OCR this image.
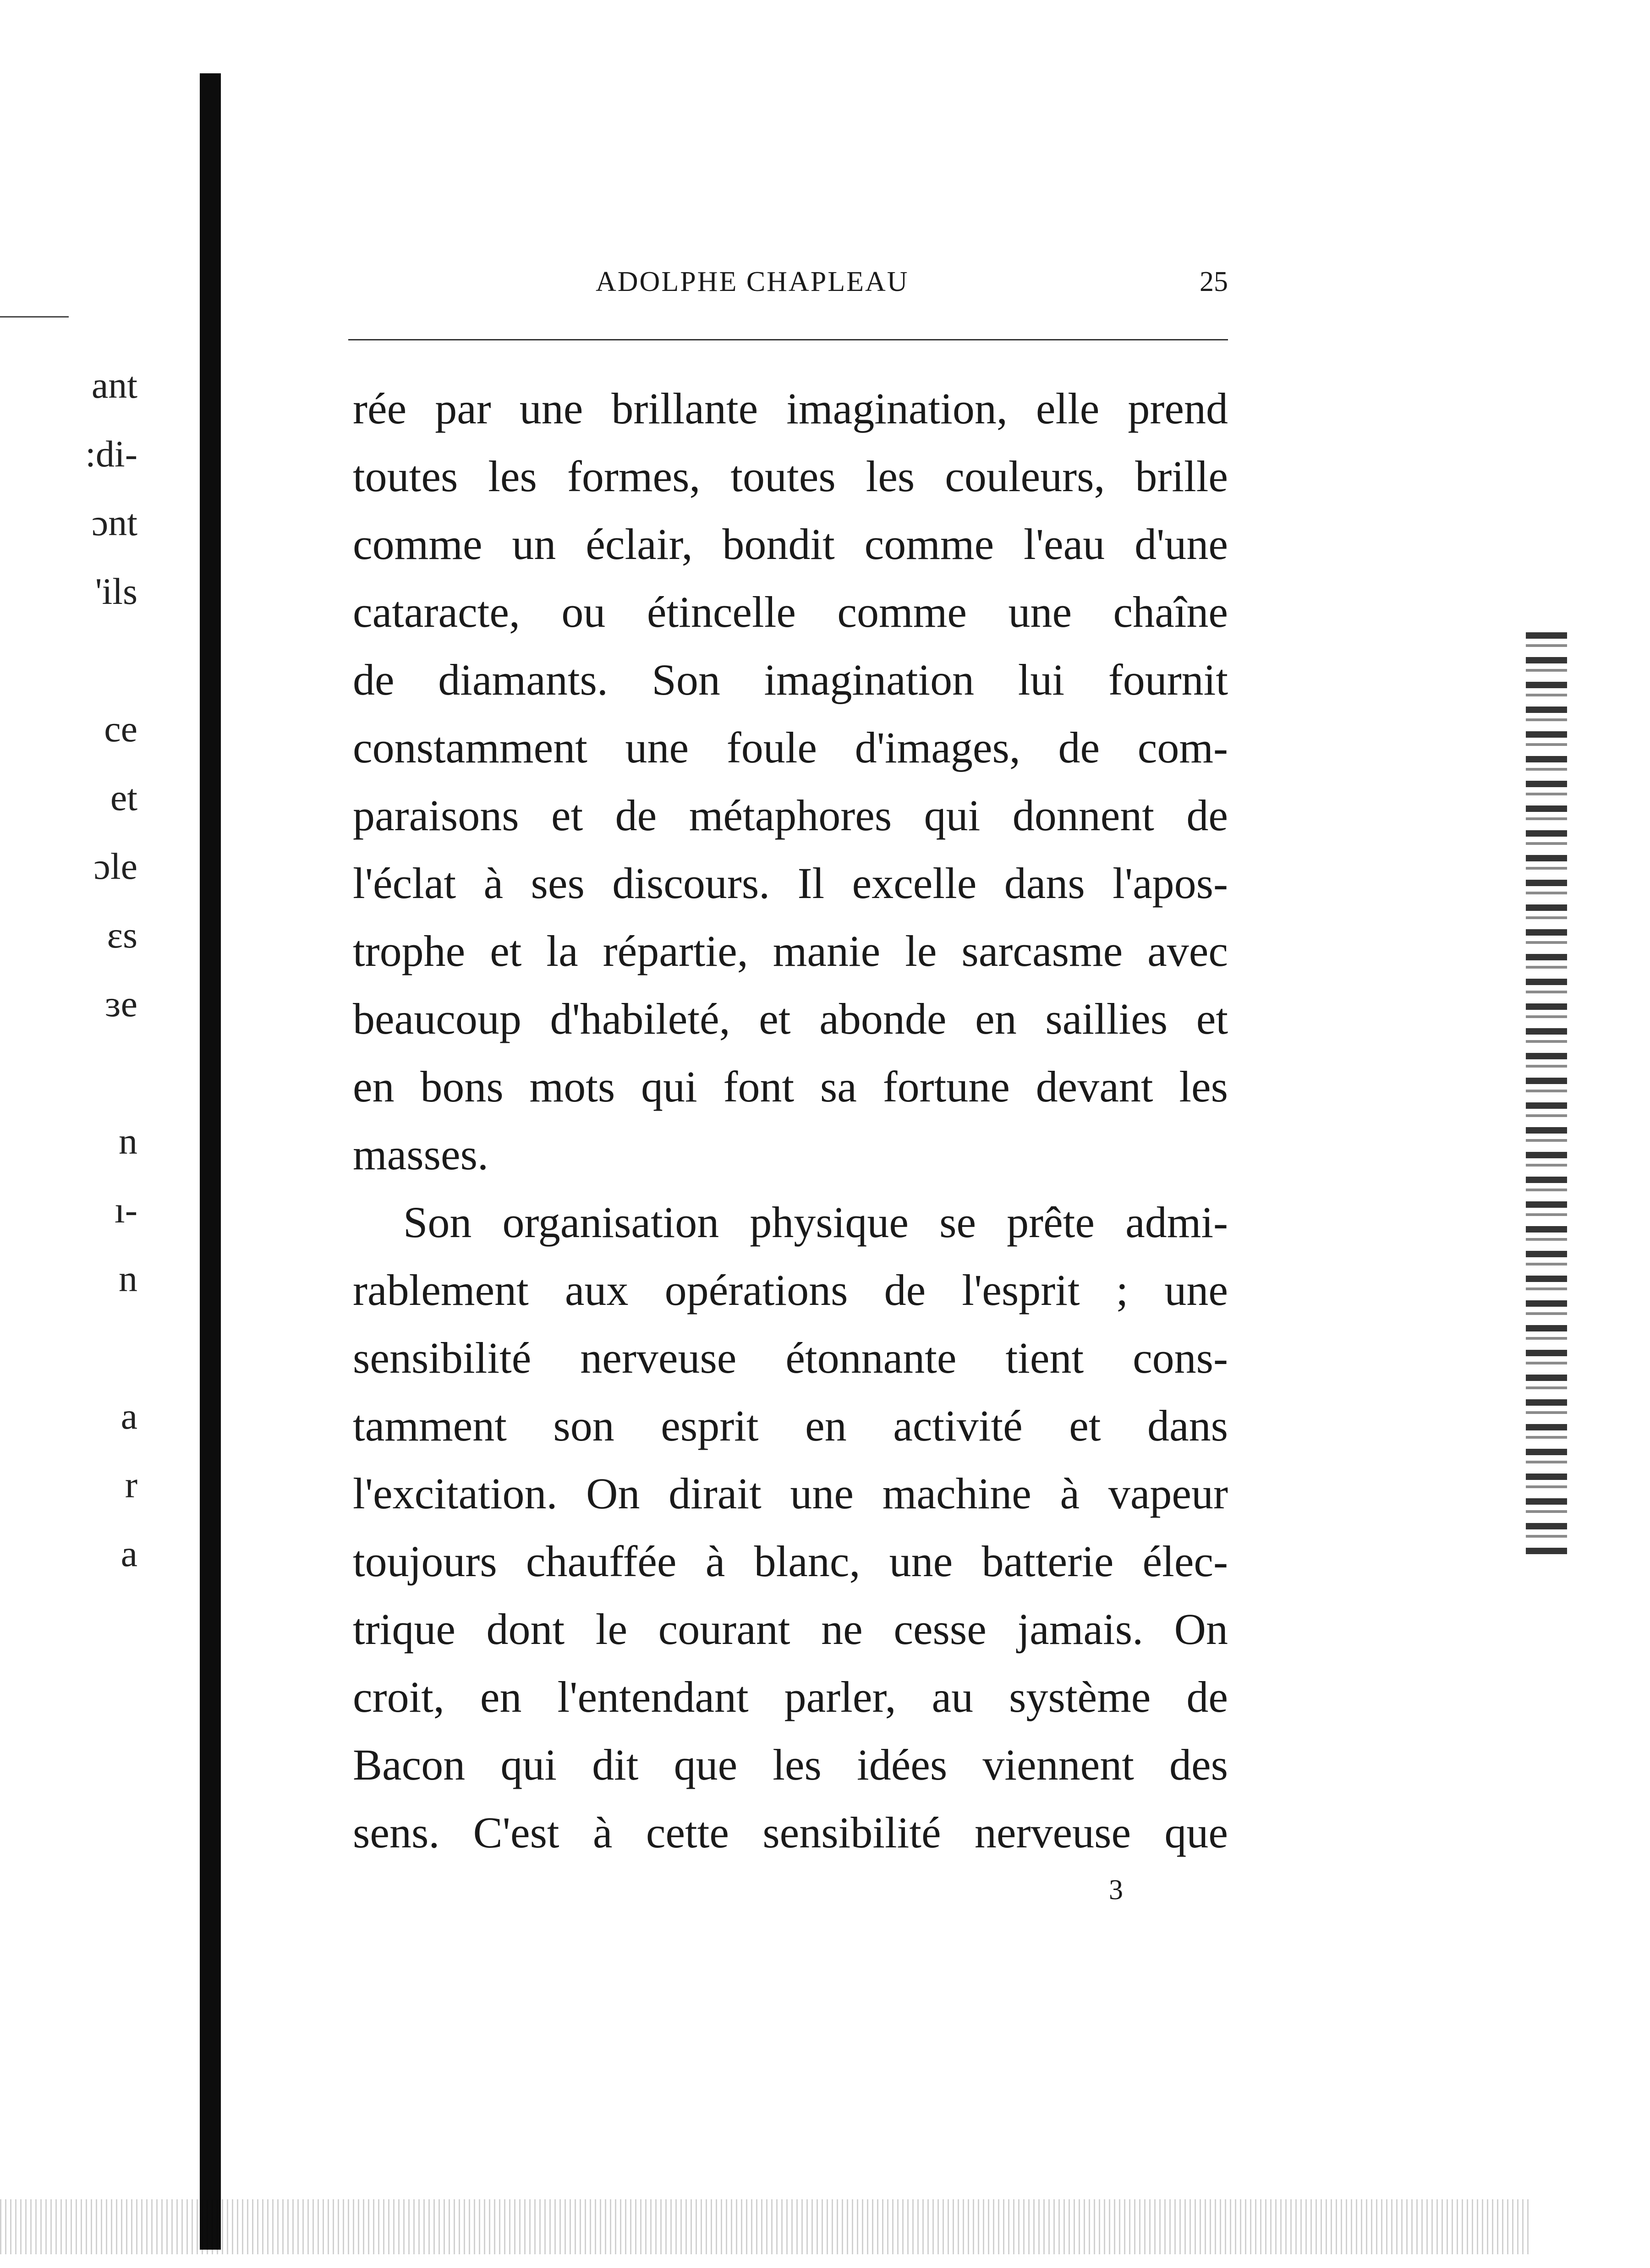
ant
:di-
ɔnt
'ils
ce
et
ɔle
ɛs
ɜe
n
ı-
n
a
r
a
ADOLPHE CHAPLEAU	25
rée par une brillante imagination, elle prend
toutes les formes, toutes les couleurs, brille
comme un éclair, bondit comme l'eau d'une
cataracte, ou étincelle comme une chaîne
de diamants. Son imagination lui fournit
constamment une foule d'images, de com-
paraisons et de métaphores qui donnent de
l'éclat à ses discours. Il excelle dans l'apos-
trophe et la répartie, manie le sarcasme avec
beaucoup d'habileté, et abonde en saillies et
en bons mots qui font sa fortune devant les
masses.
Son organisation physique se prête admi-
rablement aux opérations de l'esprit ; une
sensibilité nerveuse étonnante tient cons-
tamment son esprit en activité et dans
l'excitation. On dirait une machine à vapeur
toujours chauffée à blanc, une batterie élec-
trique dont le courant ne cesse jamais. On
croit, en l'entendant parler, au système de
Bacon qui dit que les idées viennent des
sens. C'est à cette sensibilité nerveuse que
3
